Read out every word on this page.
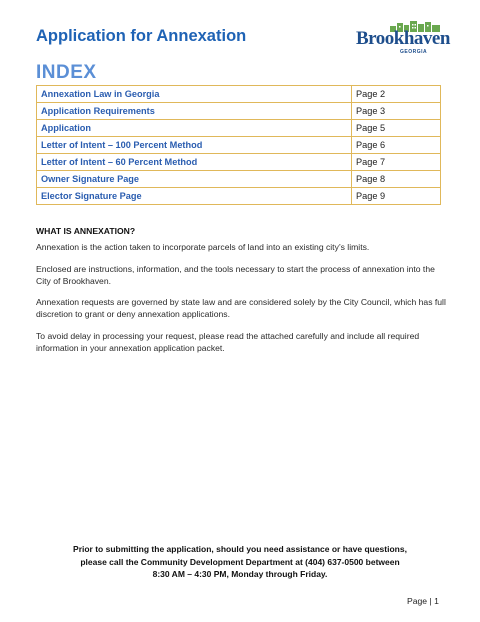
Application for Annexation	Brookhaven
GEORGIA
INDEX
Annexation Law in Georgia	Page 2
Application Requirements	Page 3
Application	Page 5
Letter of Intent – 100 Percent Method	Page 6
Letter of Intent – 60 Percent Method	Page 7
Owner Signature Page	Page 8
Elector Signature Page	Page 9
WHAT IS ANNEXATION?
Annexation is the action taken to incorporate parcels of land into an existing city’s limits.
Enclosed are instructions, information, and the tools necessary to start the process of annexation into the City of Brookhaven.
Annexation requests are governed by state law and are considered solely by the City Council, which has full discretion to grant or deny annexation applications.
To avoid delay in processing your request, please read the attached carefully and include all required information in your annexation application packet.
Prior to submitting the application, should you need assistance or have questions,
please call the Community Development Department at (404) 637-0500 between
8:30 AM – 4:30 PM, Monday through Friday.
Page | 1
